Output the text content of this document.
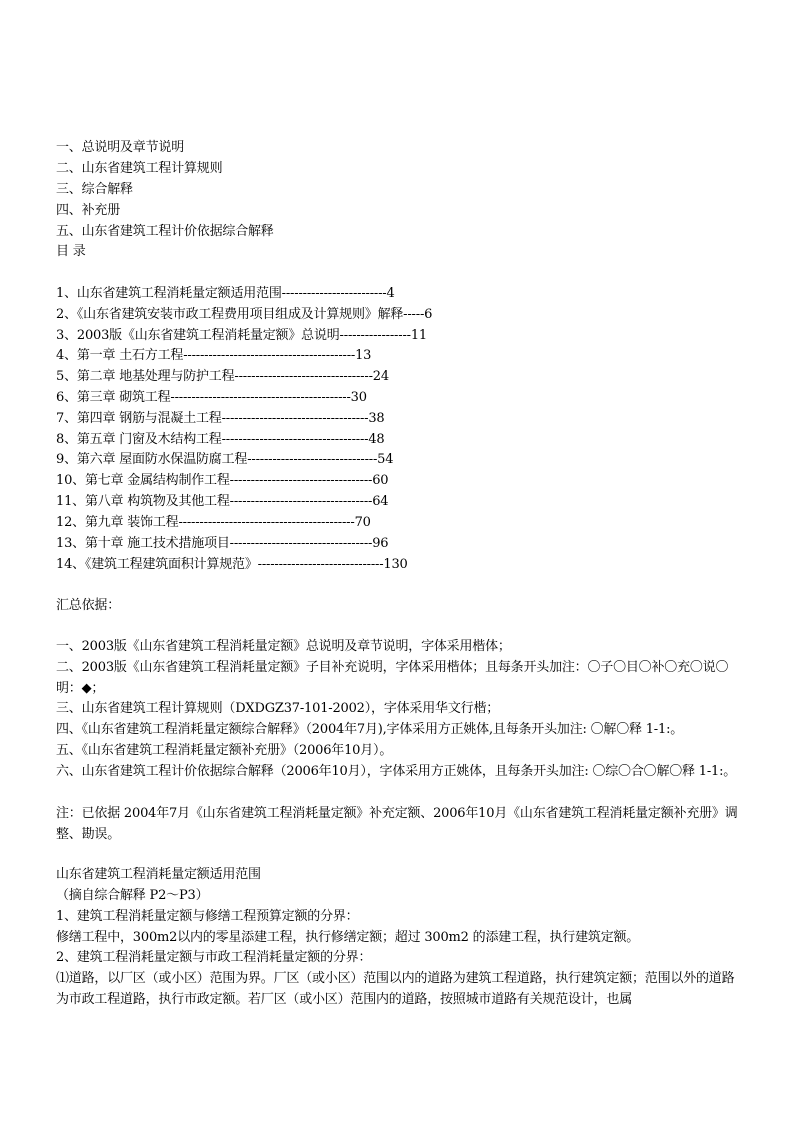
一、总说明及章节说明
二、山东省建筑工程计算规则
三、综合解释
四、补充册
五、山东省建筑工程计价依据综合解释
目 录
1、山东省建筑工程消耗量定额适用范围-------------------------4
2、《山东省建筑安装市政工程费用项目组成及计算规则》解释-----6
3、2003版《山东省建筑工程消耗量定额》总说明-----------------11
4、第一章 土石方工程-----------------------------------------13
5、第二章 地基处理与防护工程---------------------------------24
6、第三章 砌筑工程-------------------------------------------30
7、第四章 钢筋与混凝土工程-----------------------------------38
8、第五章 门窗及木结构工程-----------------------------------48
9、第六章 屋面防水保温防腐工程-------------------------------54
10、第七章 金属结构制作工程----------------------------------60
11、第八章 构筑物及其他工程----------------------------------64
12、第九章 装饰工程------------------------------------------70
13、第十章 施工技术措施项目----------------------------------96
14、《建筑工程建筑面积计算规范》------------------------------130
汇总依据：
一、2003版《山东省建筑工程消耗量定额》总说明及章节说明，字体采用楷体；
二、2003版《山东省建筑工程消耗量定额》子目补充说明，字体采用楷体；且每条开头加注：〇子〇目〇补〇充〇说〇明：◆；
三、山东省建筑工程计算规则（DXDGZ37-101-2002），字体采用华文行楷；
四、《山东省建筑工程消耗量定额综合解释》（2004年7月),字体采用方正姚体,且每条开头加注: 〇解〇释 1-1:。
五、《山东省建筑工程消耗量定额补充册》（2006年10月）。
六、山东省建筑工程计价依据综合解释（2006年10月），字体采用方正姚体，且每条开头加注: 〇综〇合〇解〇释 1-1:。
注：已依据 2004年7月《山东省建筑工程消耗量定额》补充定额、2006年10月《山东省建筑工程消耗量定额补充册》调整、勘误。
山东省建筑工程消耗量定额适用范围
（摘自综合解释 P2～P3）
1、建筑工程消耗量定额与修缮工程预算定额的分界：
修缮工程中，300m2以内的零星添建工程，执行修缮定额；超过 300m2 的添建工程，执行建筑定额。
2、建筑工程消耗量定额与市政工程消耗量定额的分界：
⑴道路，以厂区（或小区）范围为界。厂区（或小区）范围以内的道路为建筑工程道路，执行建筑定额；范围以外的道路为市政工程道路，执行市政定额。若厂区（或小区）范围内的道路，按照城市道路有关规范设计，也属
